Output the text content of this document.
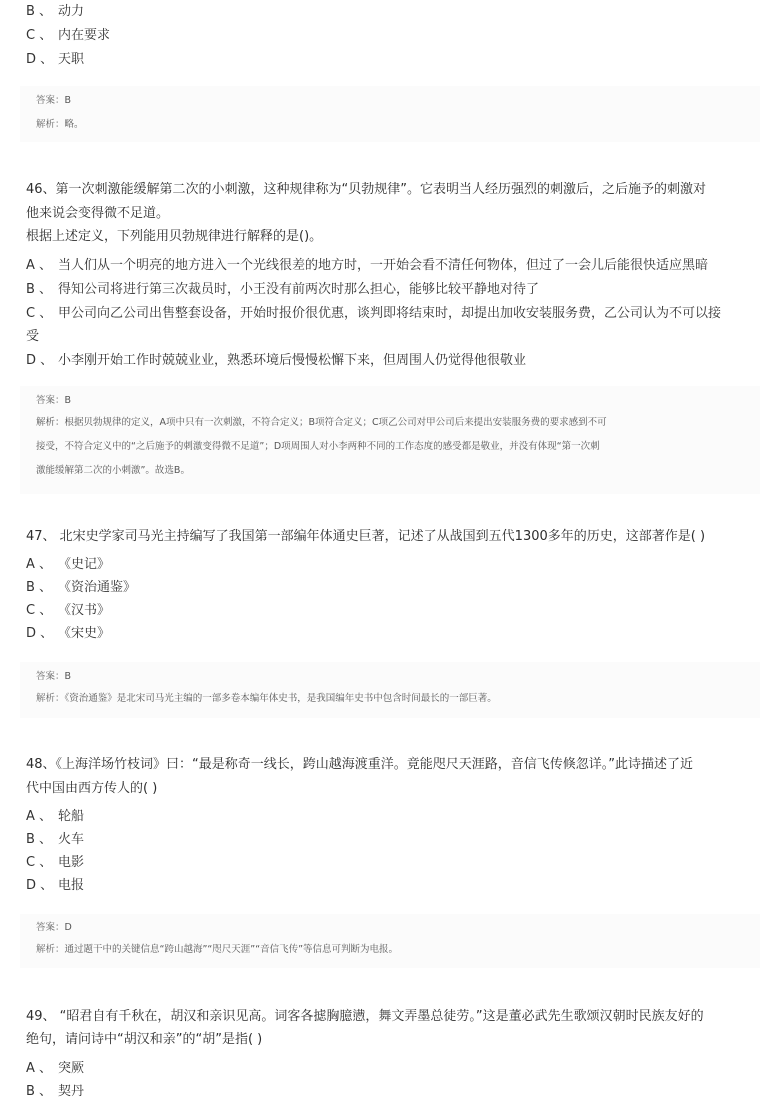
B 、 动力
C 、 内在要求
D 、 天职
答案：B
解析：略。
46、第一次刺激能缓解第二次的小刺激，这种规律称为“贝勃规律”。它表明当人经历强烈的刺激后，之后施予的刺激对
他来说会变得微不足道。
根据上述定义，下列能用贝勃规律进行解释的是()。
A 、 当人们从一个明亮的地方进入一个光线很差的地方时，一开始会看不清任何物体，但过了一会儿后能很快适应黑暗
B 、 得知公司将进行第三次裁员时，小王没有前两次时那么担心，能够比较平静地对待了
C 、 甲公司向乙公司出售整套设备，开始时报价很优惠，谈判即将结束时，却提出加收安装服务费，乙公司认为不可以接
受
D 、 小李刚开始工作时兢兢业业，熟悉环境后慢慢松懈下来，但周围人仍觉得他很敬业
答案：B
解析：根据贝勃规律的定义，A项中只有一次刺激，不符合定义；B项符合定义；C项乙公司对甲公司后来提出安装服务费的要求感到不可
接受，不符合定义中的“之后施予的刺激变得微不足道”；D项周围人对小李两种不同的工作态度的感受都是敬业，并没有体现“第一次刺
激能缓解第二次的小刺激”。故选B。
47、 北宋史学家司马光主持编写了我国第一部编年体通史巨著，记述了从战国到五代1300多年的历史，这部著作是( )
A 、 《史记》
B 、 《资治通鉴》
C 、 《汉书》
D 、 《宋史》
答案：B
解析：《资治通鉴》是北宋司马光主编的一部多卷本编年体史书，是我国编年史书中包含时间最长的一部巨著。
48、《上海洋场竹枝词》曰：“最是称奇一线长，跨山越海渡重洋。竟能咫尺天涯路，音信飞传倏忽详。”此诗描述了近
代中国由西方传人的( )
A 、 轮船
B 、 火车
C 、 电影
D 、 电报
答案：D
解析：通过题干中的关键信息“跨山越海”“咫尺天涯”“音信飞传”等信息可判断为电报。
49、 “昭君自有千秋在，胡汉和亲识见高。词客各摅胸臆懑，舞文弄墨总徒劳。”这是董必武先生歌颂汉朝时民族友好的
绝句，请问诗中“胡汉和亲”的“胡”是指( )
A 、 突厥
B 、 契丹
